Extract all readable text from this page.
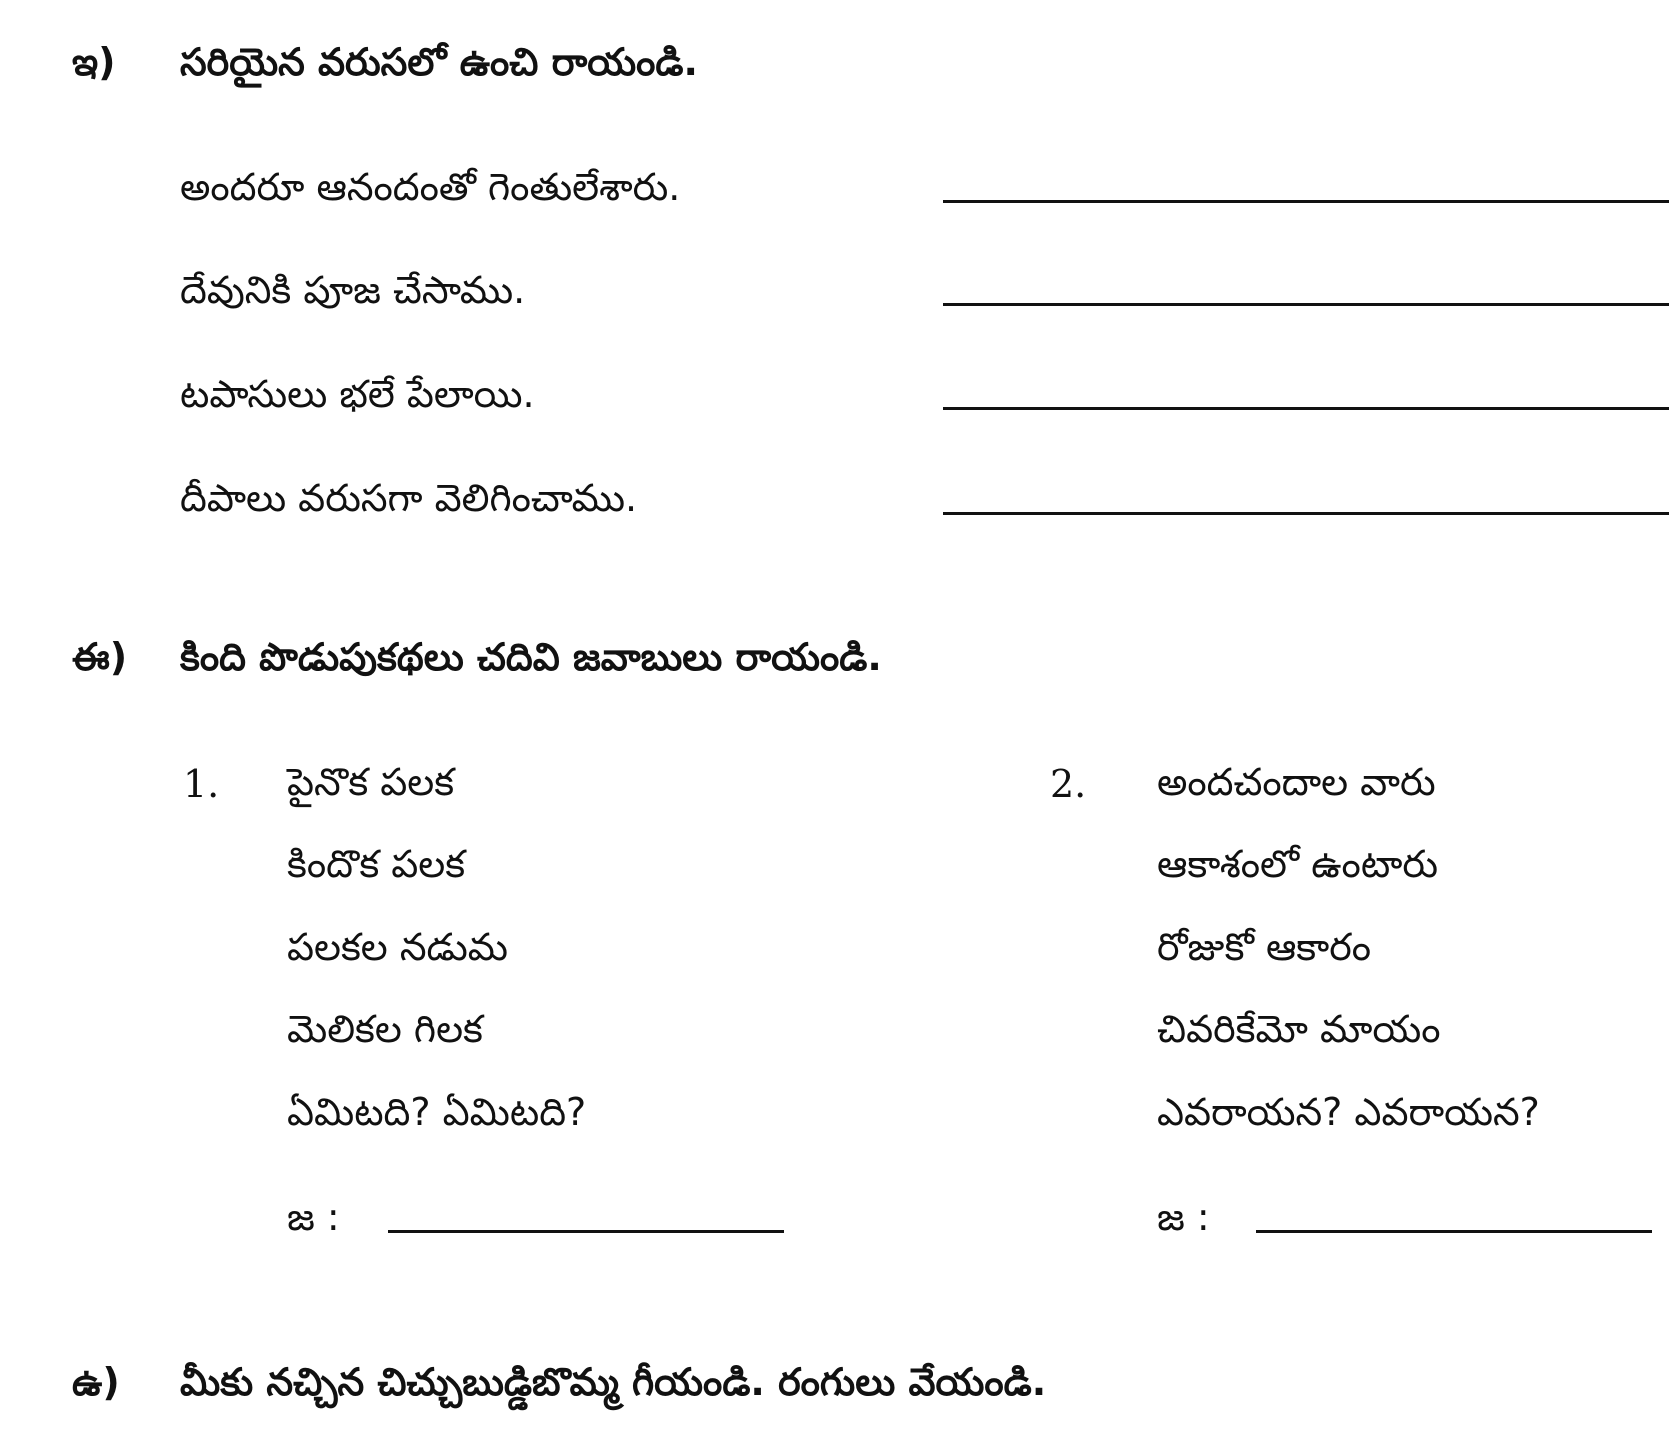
ఇ) సరియైన వరుసలో ఉంచి రాయండి.
అందరూ ఆనందంతో గెంతులేశారు.
దేవునికి పూజ చేసాము.
టపాసులు భలే పేలాయి.
దీపాలు వరుసగా వెలిగించాము.
ఈ) కింది పొడుపుకథలు చదివి జవాబులు రాయండి.
1. పైనొక పలక
కిందొక పలక
పలకల నడుమ
మెలికల గిలక
ఏమిటది? ఏమిటది?
జ :
2. అందచందాల వారు
ఆకాశంలో ఉంటారు
రోజుకో ఆకారం
చివరికేమో మాయం
ఎవరాయన? ఎవరాయన?
జ :
ఉ) మీకు నచ్చిన చిచ్చుబుడ్డిబొమ్మ గీయండి. రంగులు వేయండి.
